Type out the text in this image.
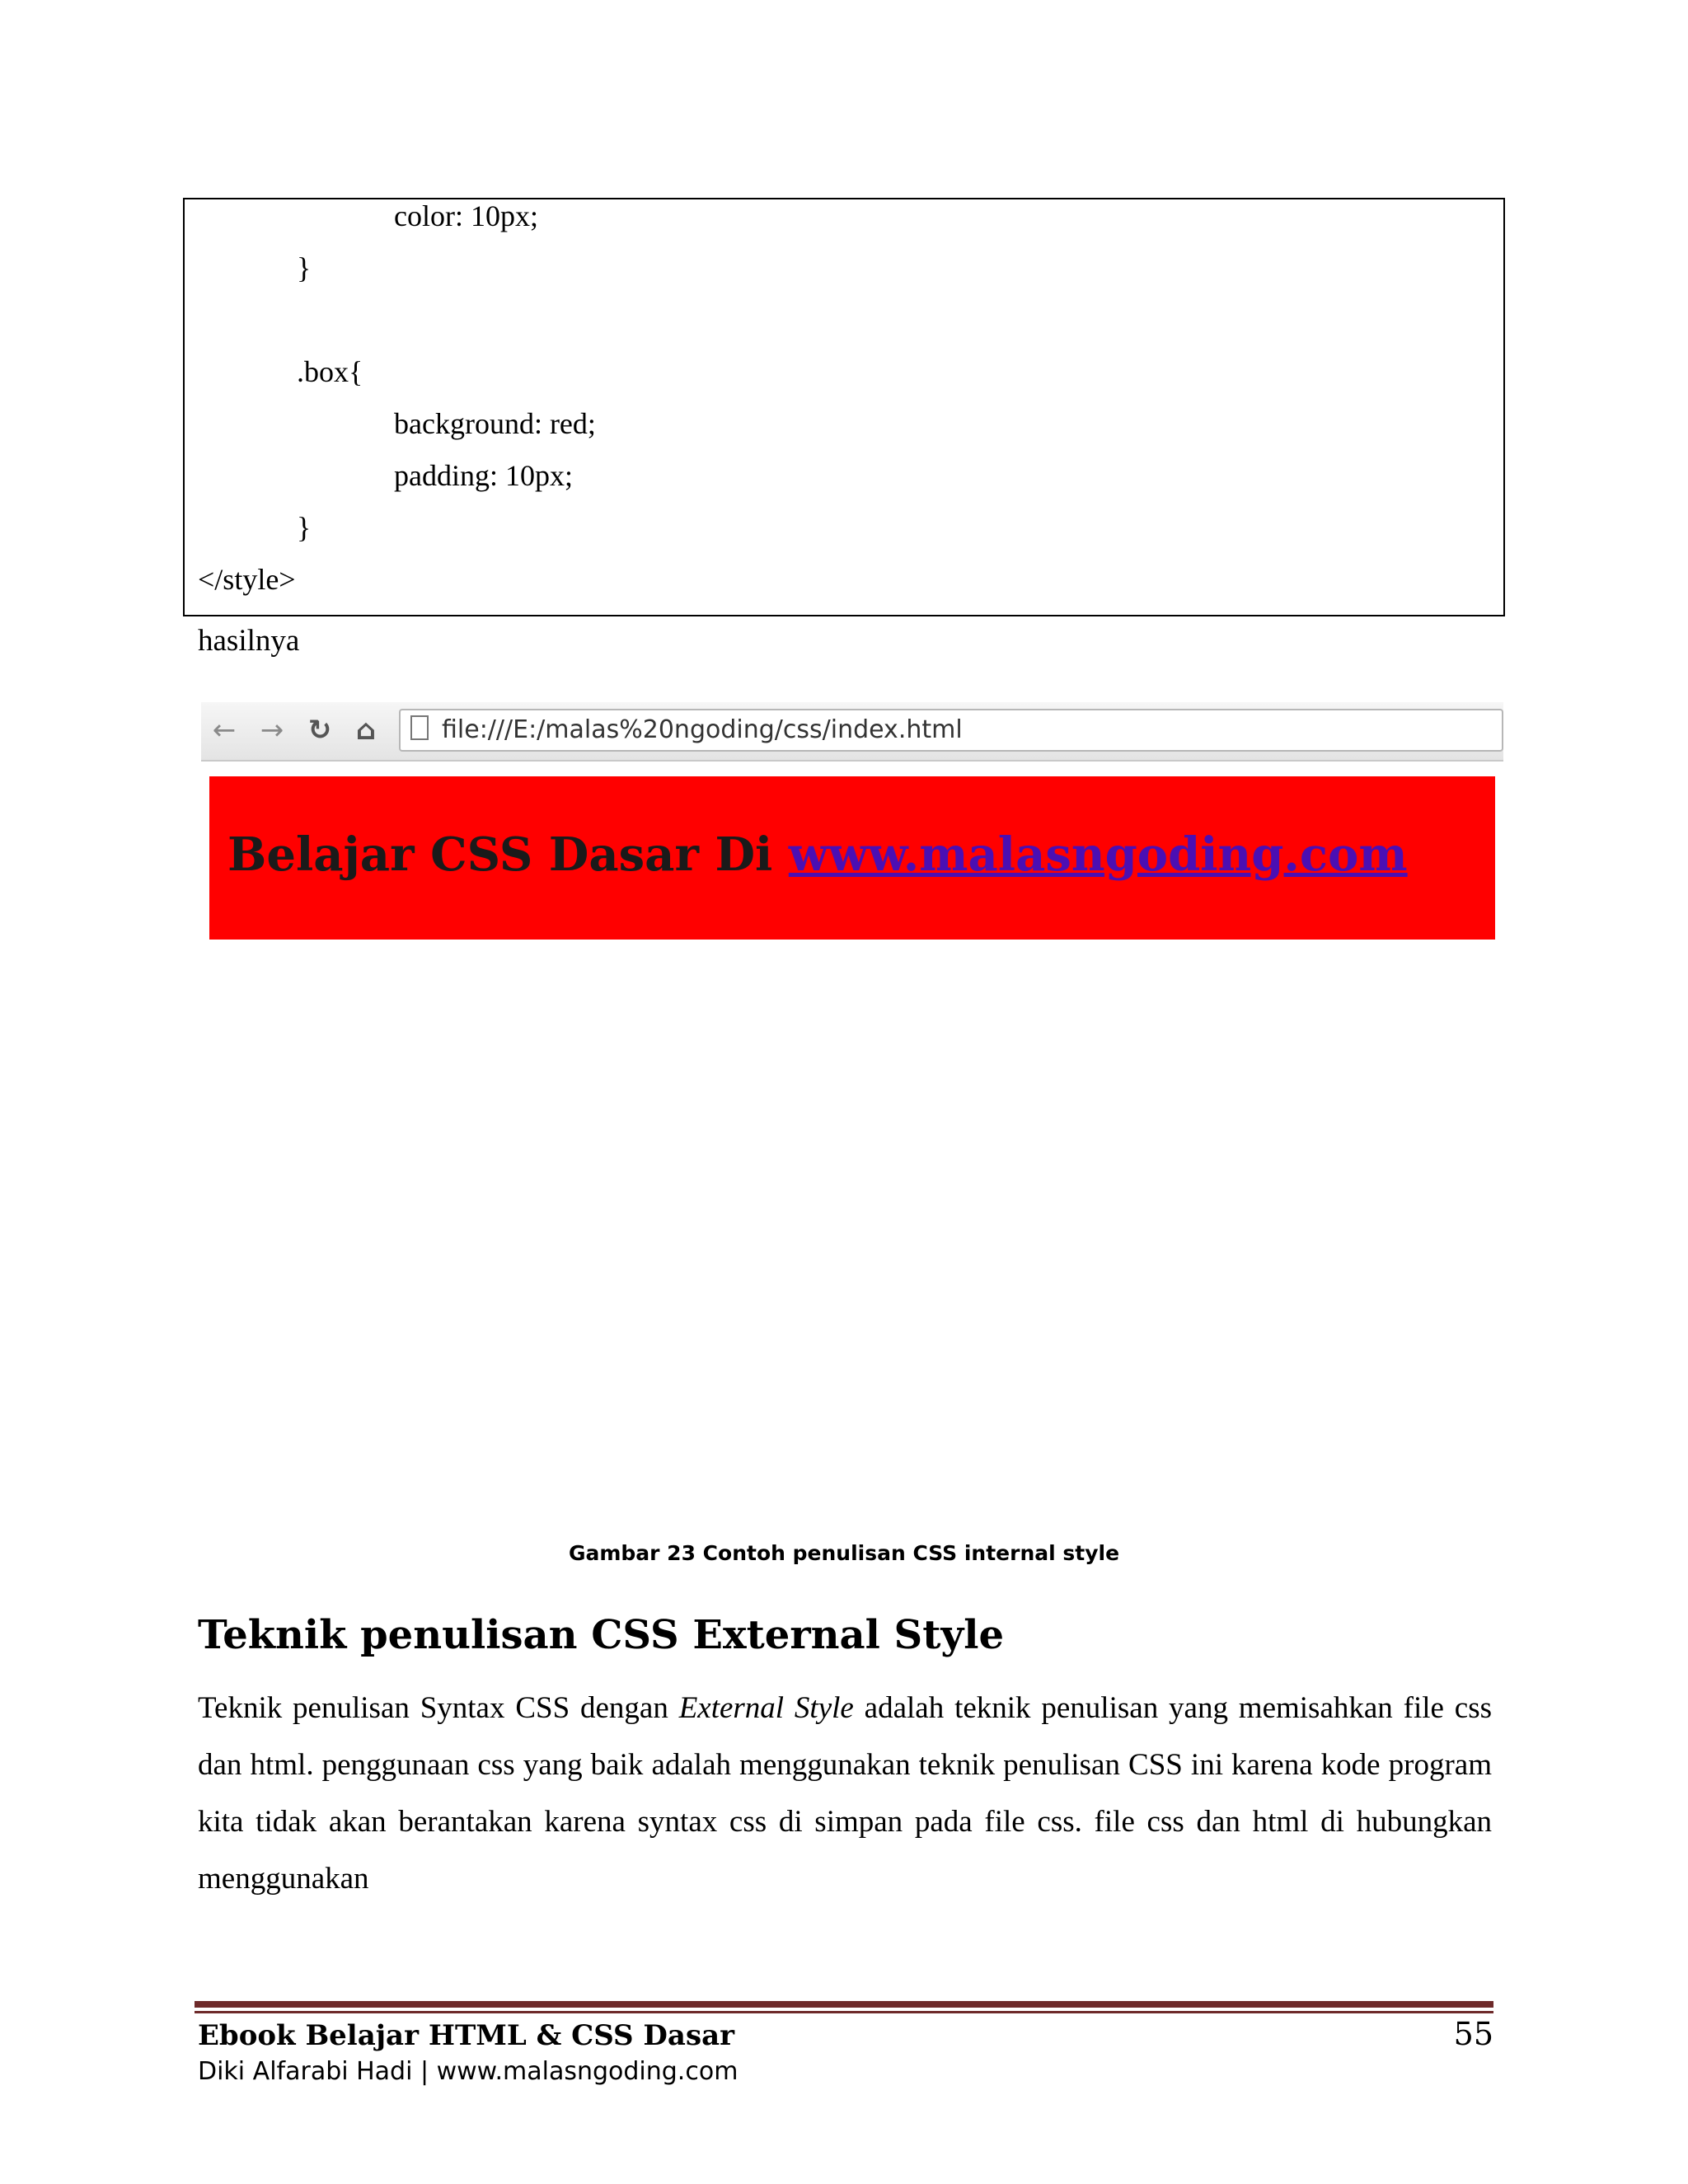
color: 10px;
}
.box{
background: red;
padding: 10px;
}
</style>
hasilnya
← → ↻ ⌂	file:///E:/malas%20ngoding/css/index.html
Belajar CSS Dasar Di www.malasngoding.com
Gambar 23 Contoh penulisan CSS internal style
Teknik penulisan CSS External Style
Teknik penulisan Syntax CSS dengan External Style adalah teknik penulisan yang memisahkan file css dan html. penggunaan css yang baik adalah menggunakan teknik penulisan CSS ini karena kode program kita tidak akan berantakan karena syntax css di simpan pada file css. file css dan html di hubungkan menggunakan
Ebook Belajar HTML & CSS Dasar
Diki Alfarabi Hadi | www.malasngoding.com
55
